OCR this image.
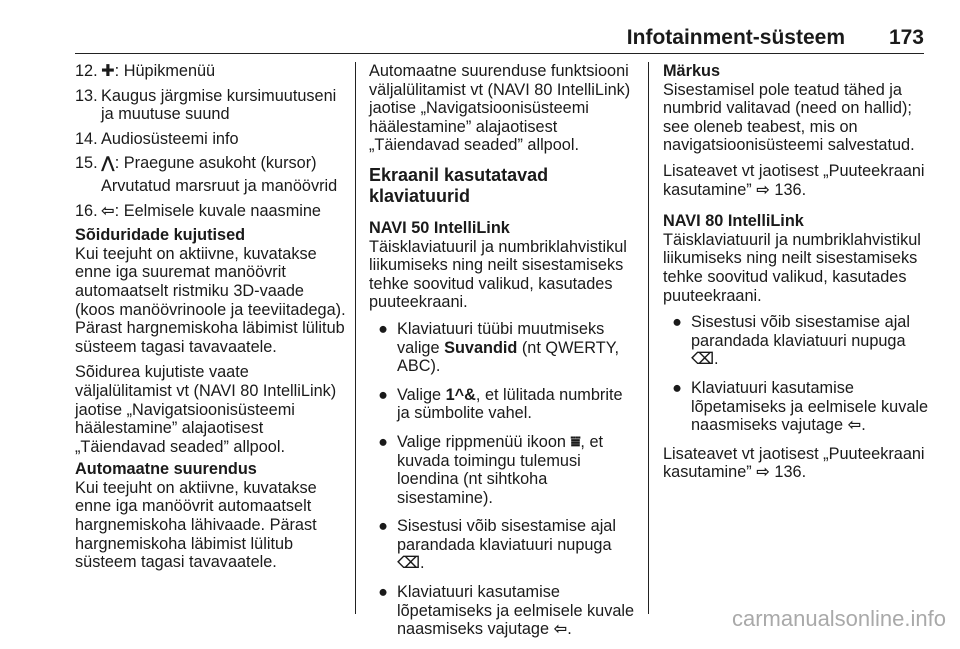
Infotainment-süsteem 173
12. ✚: Hüpikmenüü
13. Kaugus järgmise kursimuutuseni ja muutuse suund
14. Audiosüsteemi info
15. ⋀: Praegune asukoht (kursor)

Arvutatud marsruut ja manöövrid

16. ⇦: Eelmisele kuvale naasmine

Sõiduridade kujutised

Kui teejuht on aktiivne, kuvatakse enne iga suuremat manöövrit automaatselt ristmiku 3D-vaade (koos manöövrinoole ja teeviitadega). Pärast hargnemiskoha läbimist lülitub süsteem tagasi tavavaatele.

Sõidurea kujutiste vaate väljalülitamist vt (NAVI 80 IntelliLink) jaotise „Navigatsioonisüsteemi häälestamine” alajaotisest „Täiendavad seaded” allpool.

Automaatne suurendus

Kui teejuht on aktiivne, kuvatakse enne iga manöövrit automaatselt hargnemiskoha lähivaade. Pärast hargnemiskoha läbimist lülitub süsteem tagasi tavavaatele.

Automaatne suurenduse funktsiooni väljalülitamist vt (NAVI 80 IntelliLink) jaotise „Navigatsioonisüsteemi häälestamine” alajaotisest „Täiendavad seaded” allpool.

Ekraanil kasutatavad klaviatuurid

NAVI 50 IntelliLink

Täisklaviatuuril ja numbriklahvistikul liikumiseks ning neilt sisestamiseks tehke soovitud valikud, kasutades puuteekraani.

● Klaviatuuri tüübi muutmiseks valige Suvandid (nt QWERTY, ABC).
● Valige 1^&, et lülitada numbrite ja sümbolite vahel.
● Valige rippmenüü ikoon ⩸, et kuvada toimingu tulemusi loendina (nt sihtkoha sisestamine).
● Sisestusi võib sisestamise ajal parandada klaviatuuri nupuga ⌫.
● Klaviatuuri kasutamise lõpetamiseks ja eelmisele kuvale naasmiseks vajutage ⇦.

Märkus

Sisestamisel pole teatud tähed ja numbrid valitavad (need on hallid); see oleneb teabest, mis on navigatsioonisüsteemi salvestatud.

Lisateavet vt jaotisest „Puuteekraani kasutamine” ⇨ 136.

NAVI 80 IntelliLink

Täisklaviatuuril ja numbriklahvistikul liikumiseks ning neilt sisestamiseks tehke soovitud valikud, kasutades puuteekraani.

● Sisestusi võib sisestamise ajal parandada klaviatuuri nupuga ⌫.
● Klaviatuuri kasutamise lõpetamiseks ja eelmisele kuvale naasmiseks vajutage ⇦.

Lisateavet vt jaotisest „Puuteekraani kasutamine” ⇨ 136.

carmanualsonline.info
